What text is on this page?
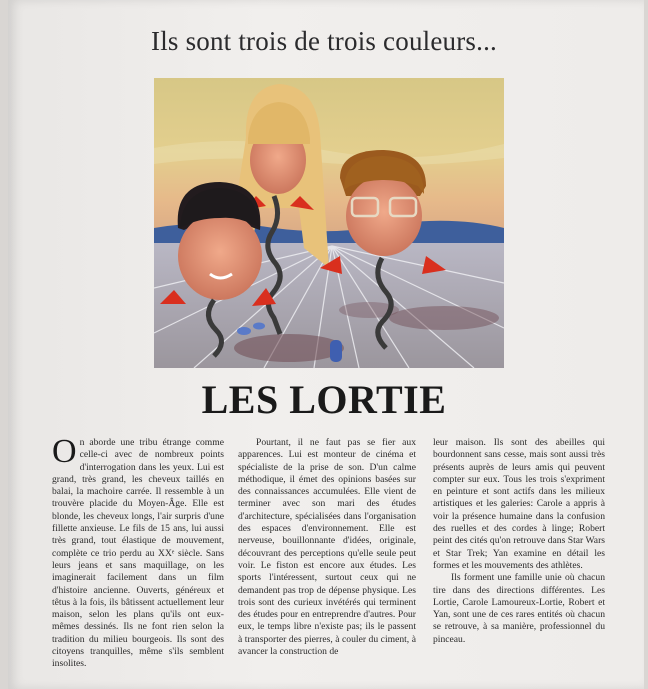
Ils sont trois de trois couleurs...
LES LORTIE
O n aborde une tribu étrange comme celle-ci avec de nombreux points d'interrogation dans les yeux. Lui est grand, très grand, les cheveux taillés en balai, la machoire carrée. Il ressemble à un trouvère placide du Moyen-Âge. Elle est blonde, les cheveux longs, l'air surpris d'une fillette anxieuse. Le fils de 15 ans, lui aussi très grand, tout élastique de mouvement, complète ce trio perdu au XXᵉ siècle. Sans leurs jeans et sans maquillage, on les imaginerait facilement dans un film d'histoire ancienne. Ouverts, généreux et têtus à la fois, ils bâtissent actuellement leur maison, selon les plans qu'ils ont eux-mêmes dessinés. Ils ne font rien selon la tradition du milieu bourgeois. Ils sont des citoyens tranquilles, même s'ils semblent insolites.

Pourtant, il ne faut pas se fier aux apparences. Lui est monteur de cinéma et spécialiste de la prise de son. D'un calme méthodique, il émet des opinions basées sur des connaissances accumulées. Elle vient de terminer avec son mari des études d'architecture, spécialisées dans l'organisation des espaces d'environnement. Elle est nerveuse, bouillonnante d'idées, originale, découvrant des perceptions qu'elle seule peut voir. Le fiston est encore aux études. Les sports l'intéressent, surtout ceux qui ne demandent pas trop de dépense physique. Les trois sont des curieux invétérés qui terminent des études pour en entreprendre d'autres. Pour eux, le temps libre n'existe pas; ils le passent à transporter des pierres, à couler du ciment, à avancer la construction de

leur maison. Ils sont des abeilles qui bourdonnent sans cesse, mais sont aussi très présents auprès de leurs amis qui peuvent compter sur eux. Tous les trois s'expriment en peinture et sont actifs dans les milieux artistiques et les galeries: Carole a appris à voir la présence humaine dans la confusion des ruelles et des cordes à linge; Robert peint des cités qu'on retrouve dans Star Wars et Star Trek; Yan examine en détail les formes et les mouvements des athlètes.

Ils forment une famille unie où chacun tire dans des directions différentes. Les Lortie, Carole Lamoureux-Lortie, Robert et Yan, sont une de ces rares entités où chacun se retrouve, à sa manière, professionnel du pinceau.
